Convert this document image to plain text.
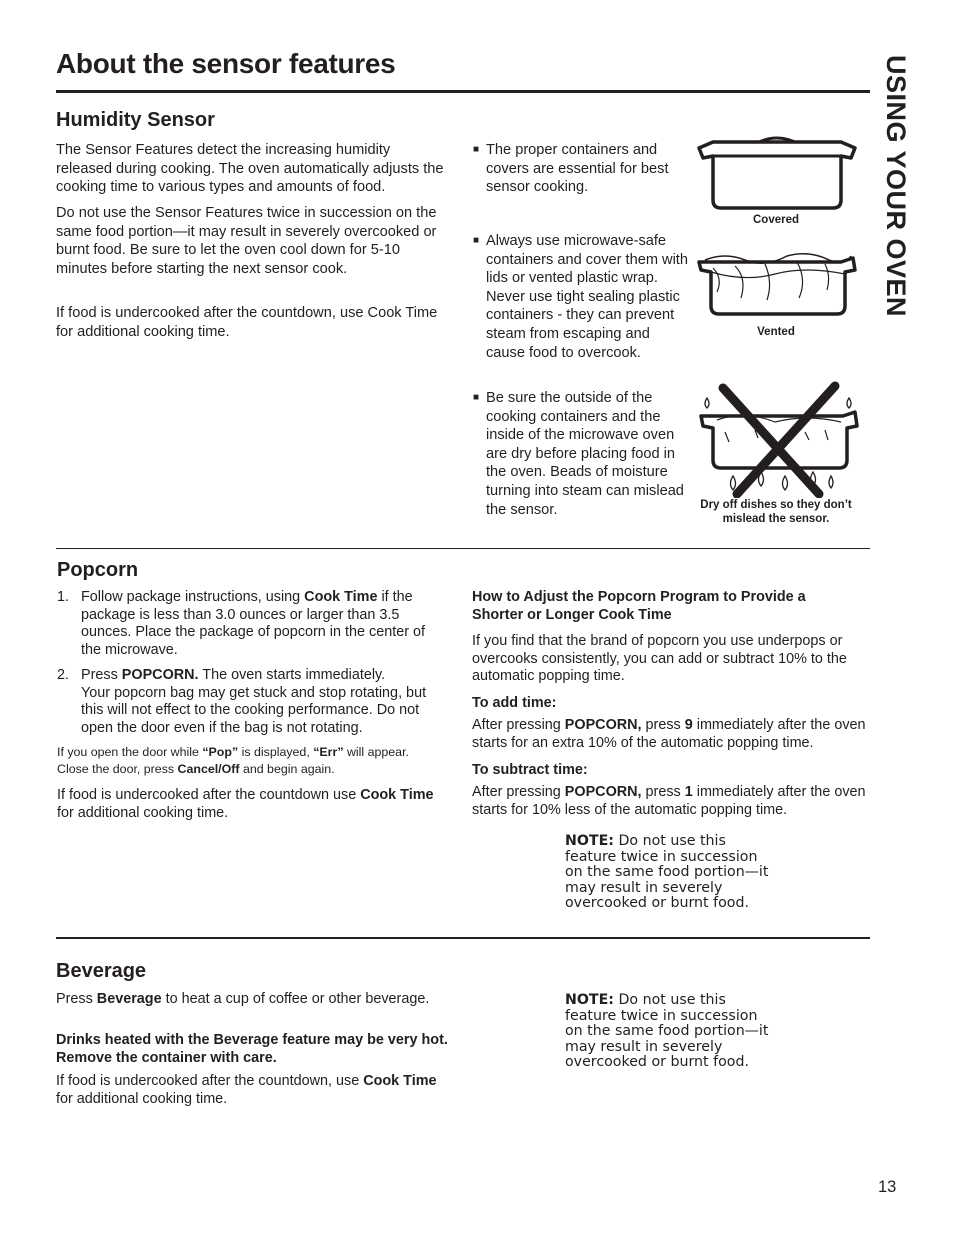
About the sensor features	USING YOUR OVEN
Humidity Sensor

The Sensor Features detect the increasing humidity released during cooking. The oven automatically adjusts the cooking time to various types and amounts of food.

Do not use the Sensor Features twice in succession on the same food portion—it may result in severely overcooked or burnt food. Be sure to let the oven cool down for 5-10 minutes before starting the next sensor cook.

If food is undercooked after the countdown, use Cook Time for additional cooking time.

■ The proper containers and covers are essential for best sensor cooking.
■ Always use microwave-safe containers and cover them with lids or vented plastic wrap. Never use tight sealing plastic containers - they can prevent steam from escaping and cause food to overcook.
■ Be sure the outside of the cooking containers and the inside of the microwave oven are dry before placing food in the oven. Beads of moisture turning into steam can mislead the sensor.
Covered
Vented
Dry off dishes so they don’t
mislead the sensor.
Popcorn
1. Follow package instructions, using Cook Time if the package is less than 3.0 ounces or larger than 3.5 ounces. Place the package of popcorn in the center of the microwave.
2. Press POPCORN. The oven starts immediately.
Your popcorn bag may get stuck and stop rotating, but this will not effect to the cooking performance. Do not open the door even if the bag is not rotating.
If you open the door while “Pop” is displayed, “Err” will appear.
Close the door, press Cancel/Off and begin again.
If food is undercooked after the countdown use Cook Time for additional cooking time.
How to Adjust the Popcorn Program to Provide a Shorter or Longer Cook Time
If you find that the brand of popcorn you use underpops or overcooks consistently, you can add or subtract 10% to the automatic popping time.
To add time:
After pressing POPCORN, press 9 immediately after the oven starts for an extra 10% of the automatic popping time.
To subtract time:
After pressing POPCORN, press 1 immediately after the oven starts for 10% less of the automatic popping time.
NOTE: Do not use this feature twice in succession on the same food portion—it may result in severely overcooked or burnt food.
Beverage
Press Beverage to heat a cup of coffee or other beverage.
Drinks heated with the Beverage feature may be very hot. Remove the container with care.
If food is undercooked after the countdown, use Cook Time for additional cooking time.
NOTE: Do not use this feature twice in succession on the same food portion—it may result in severely overcooked or burnt food.
13
